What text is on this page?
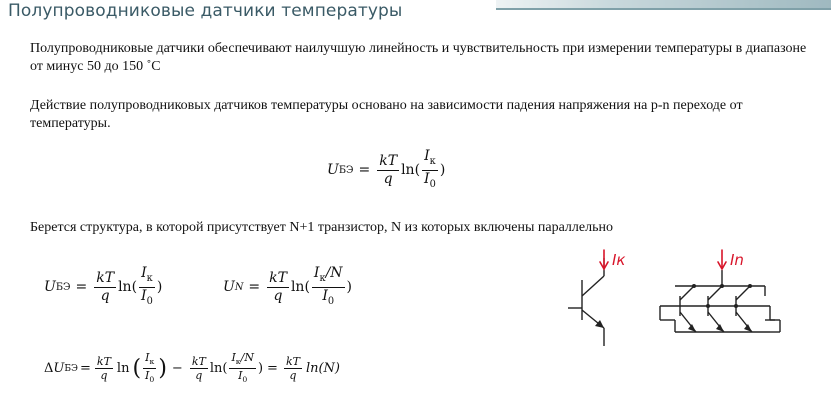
Полупроводниковые датчики температуры

Полупроводниковые датчики обеспечивают наилучшую линейность и чувствительность при измерении температуры в диапазоне от минус 50 до 150 ˚C

Действие полупроводниковых датчиков температуры основано на зависимости падения напряжения на p-n переходе от температуры.

U БЭ = $\frac{kT}{q}$ ln ( $\frac{I_к}{I_0}$ )

Берется структура, в которой присутствует N+1 транзистор, N из которых включены параллельно

U БЭ = $\frac{kT}{q}$ ln ( $\frac{I_к}{I_0}$ )	U $N = \frac{kT}{q}$ ln ( $\frac{I_к/N}{I_0}$ )
Δ U БЭ = $\frac{kT}{q}$ ln ( $\frac{I_к}{I_0}$ ) − $\frac{kT}{q}$ ln ( $\frac{I_к/N}{I_0}$ ) = $\frac{kT}{q} \ln(N)$
Iк	In
